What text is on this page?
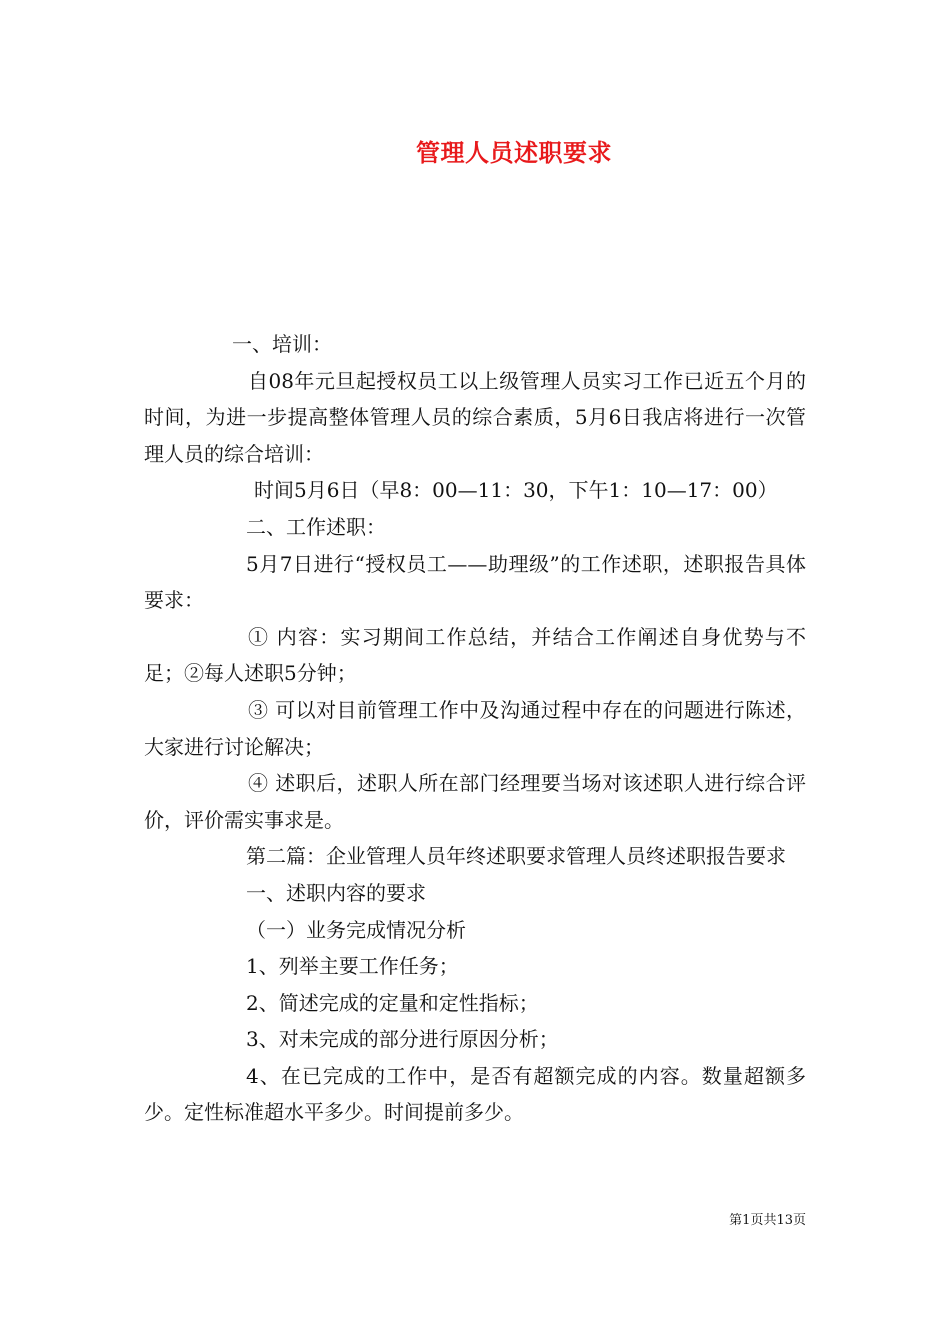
管理人员述职要求

一、培训：

自08年元旦起授权员工以上级管理人员实习工作已近五个月的时间，为进一步提高整体管理人员的综合素质，5月6日我店将进行一次管理人员的综合培训：

时间5月6日（早8：00—11：30，下午1：10—17：00）

二、工作述职：

5月7日进行“授权员工——助理级”的工作述职，述职报告具体要求：

① 内容：实习期间工作总结，并结合工作阐述自身优势与不足；②每人述职5分钟；

③ 可以对目前管理工作中及沟通过程中存在的问题进行陈述，大家进行讨论解决；

④ 述职后，述职人所在部门经理要当场对该述职人进行综合评价，评价需实事求是。

第二篇：企业管理人员年终述职要求管理人员终述职报告要求

一、述职内容的要求

（一）业务完成情况分析

1、列举主要工作任务；

2、简述完成的定量和定性指标；

3、对未完成的部分进行原因分析；

4、在已完成的工作中，是否有超额完成的内容。数量超额多少。定性标准超水平多少。时间提前多少。

第1页共13页
